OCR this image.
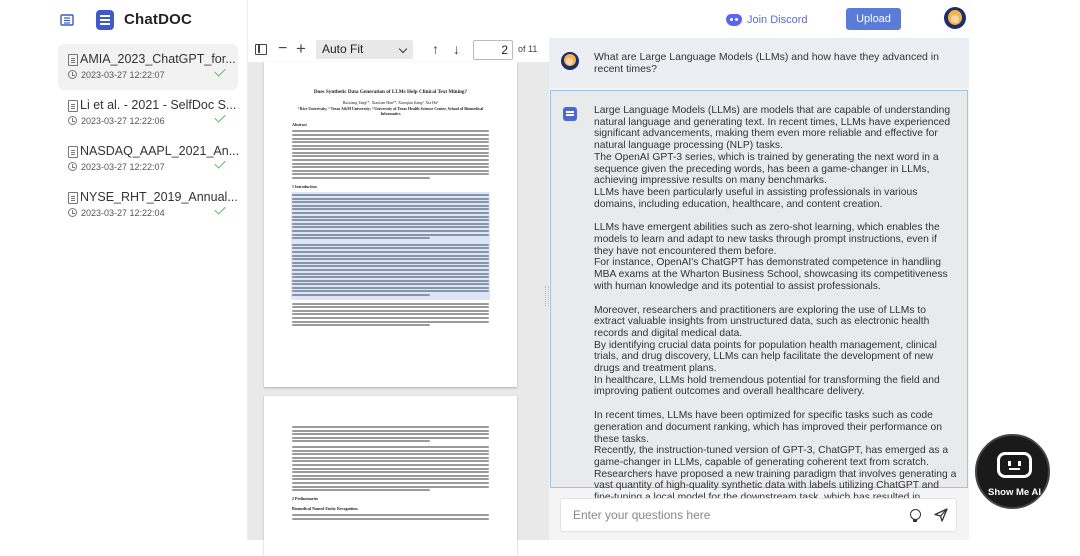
ChatDOC
AMIA_2023_ChatGPT_for...
2023-03-27 12:22:07
Li et al. - 2021 - SelfDoc S...
2023-03-27 12:22:06
NASDAQ_AAPL_2021_An...
2023-03-27 12:22:07
NYSE_RHT_2019_Annual...
2023-03-27 12:22:04
Join Discord	Upload
− +	Auto Fit	↑ ↓	2	of 11
Does Synthetic Data Generation of LLMs Help Clinical Text Mining?
Ruixiang Tang¹*, Xiaotian Han¹*, Xiaoqian Jiang², Xia Hu¹
¹ Rice University; ² Texas A&M University; ³ University of Texas Health Science Center, School of Biomedical Informatics
Abstract
1 Introduction
2 Preliminaries
Biomedical Named Entity Recognition.
What are Large Language Models (LLMs) and how have they advanced in recent times?

Large Language Models (LLMs) are models that are capable of understanding natural language and generating text. In recent times, LLMs have experienced significant advancements, making them even more reliable and effective for natural language processing (NLP) tasks.

The OpenAI GPT-3 series, which is trained by generating the next word in a sequence given the preceding words, has been a game-changer in LLMs, achieving impressive results on many benchmarks.

LLMs have been particularly useful in assisting professionals in various domains, including education, healthcare, and content creation.

LLMs have emergent abilities such as zero-shot learning, which enables the models to learn and adapt to new tasks through prompt instructions, even if they have not encountered them before.

For instance, OpenAI's ChatGPT has demonstrated competence in handling MBA exams at the Wharton Business School, showcasing its competitiveness with human knowledge and its potential to assist professionals.

Moreover, researchers and practitioners are exploring the use of LLMs to extract valuable insights from unstructured data, such as electronic health records and digital medical data.

By identifying crucial data points for population health management, clinical trials, and drug discovery, LLMs can help facilitate the development of new drugs and treatment plans.

In healthcare, LLMs hold tremendous potential for transforming the field and improving patient outcomes and overall healthcare delivery.

In recent times, LLMs have been optimized for specific tasks such as code generation and document ranking, which has improved their performance on these tasks.

Recently, the instruction-tuned version of GPT-3, ChatGPT, has emerged as a game-changer in LLMs, capable of generating coherent text from scratch.

Researchers have proposed a new training paradigm that involves generating a vast quantity of high-quality synthetic data with labels utilizing ChatGPT and

Enter your questions here
Show Me AI
